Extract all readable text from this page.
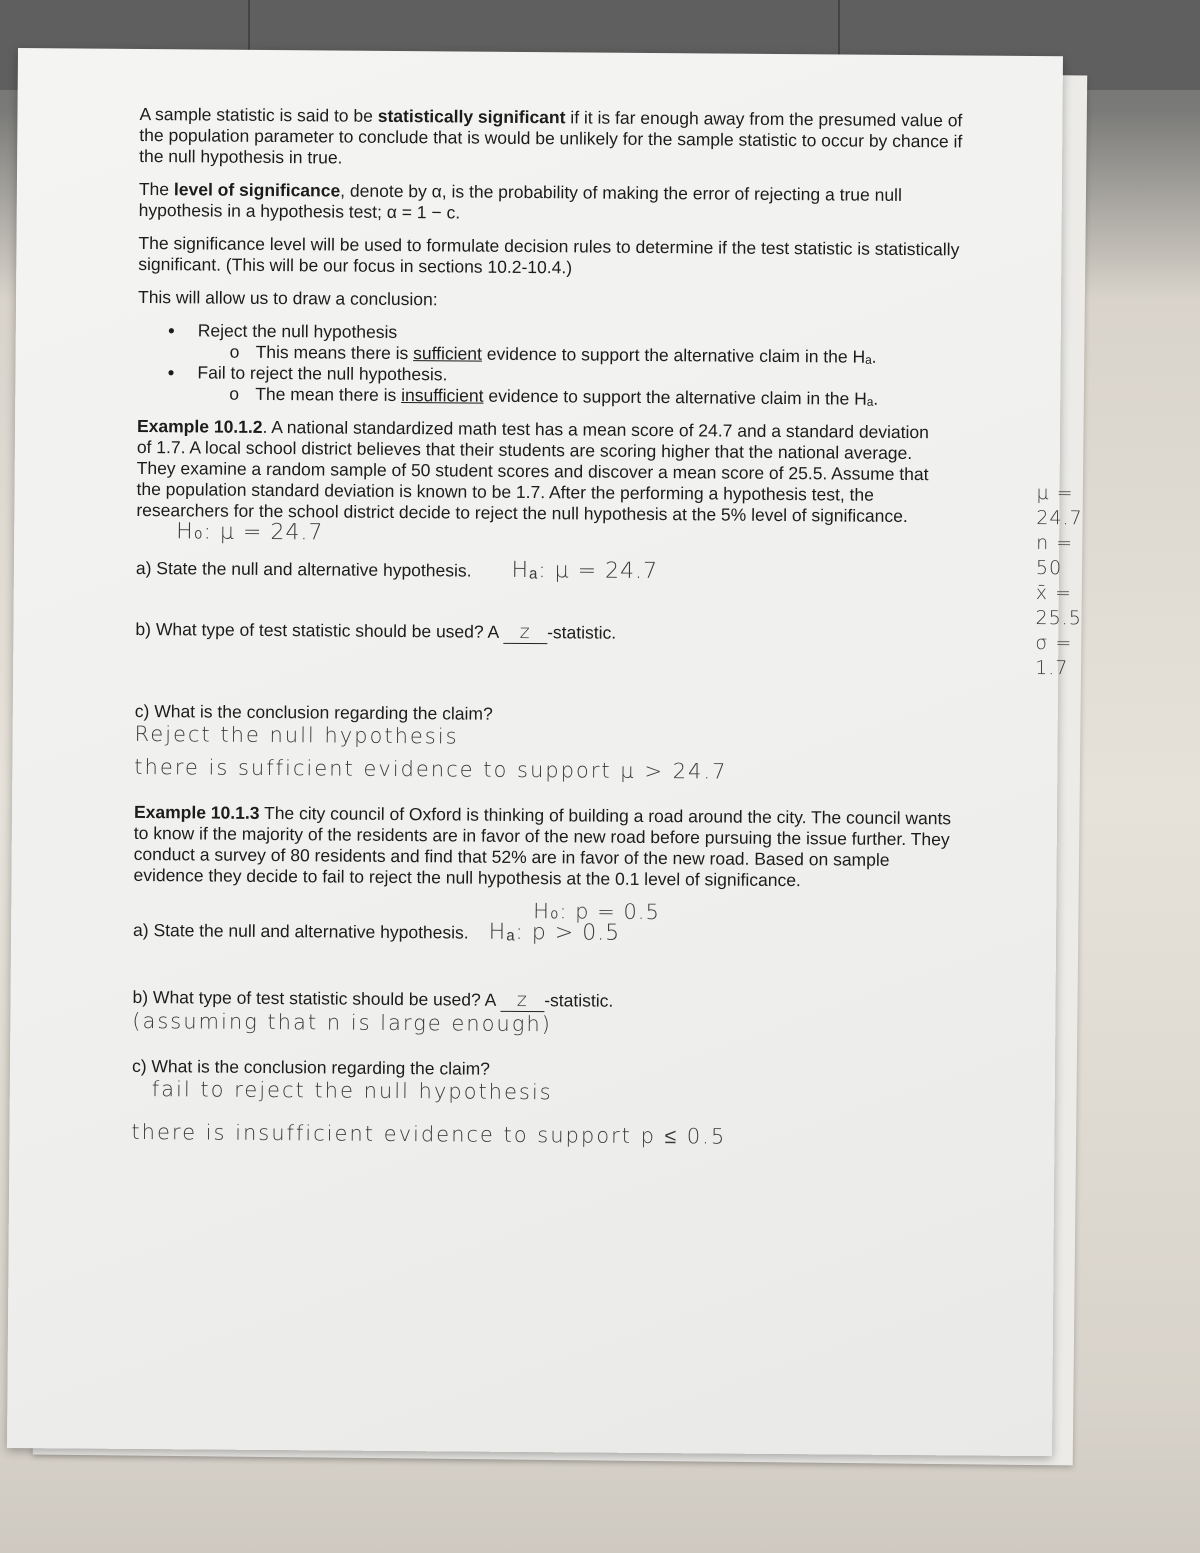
A sample statistic is said to be statistically significant if it is far enough away from the presumed value of the population parameter to conclude that is would be unlikely for the sample statistic to occur by chance if the null hypothesis in true.

The level of significance, denote by α, is the probability of making the error of rejecting a true null hypothesis in a hypothesis test; α = 1 − c.

The significance level will be used to formulate decision rules to determine if the test statistic is statistically significant. (This will be our focus in sections 10.2-10.4.)

This will allow us to draw a conclusion:

● Reject the null hypothesis
o This means there is sufficient evidence to support the alternative claim in the Hₐ.
● Fail to reject the null hypothesis.
o The mean there is insufficient evidence to support the alternative claim in the Hₐ.
μ = 24.7
n = 50
x̄ = 25.5
σ = 1.7

Example 10.1.2. A national standardized math test has a mean score of 24.7 and a standard deviation of 1.7. A local school district believes that their students are scoring higher that the national average. They examine a random sample of 50 student scores and discover a mean score of 25.5. Assume that the population standard deviation is known to be 1.7. After the performing a hypothesis test, the researchers for the school district decide to reject the null hypothesis at the 5% level of significance.H₀: μ = 24.7

a) State the null and alternative hypothesis. Hₐ: μ = 24.7
b) What type of test statistic should be used? A z -statistic.
c) What is the conclusion regarding the claim?
Reject the null hypothesis
there is sufficient evidence to support μ > 24.7

Example 10.1.3 The city council of Oxford is thinking of building a road around the city. The council wants to know if the majority of the residents are in favor of the new road before pursuing the issue further. They conduct a survey of 80 residents and find that 52% are in favor of the new road. Based on sample evidence they decide to fail to reject the null hypothesis at the 0.1 level of significance.

H₀: p = 0.5
a) State the null and alternative hypothesis. Hₐ: p > 0.5
b) What type of test statistic should be used? A z -statistic.
(assuming that n is large enough)
c) What is the conclusion regarding the claim?
fail to reject the null hypothesis
there is insufficient evidence to support p ≤ 0.5
